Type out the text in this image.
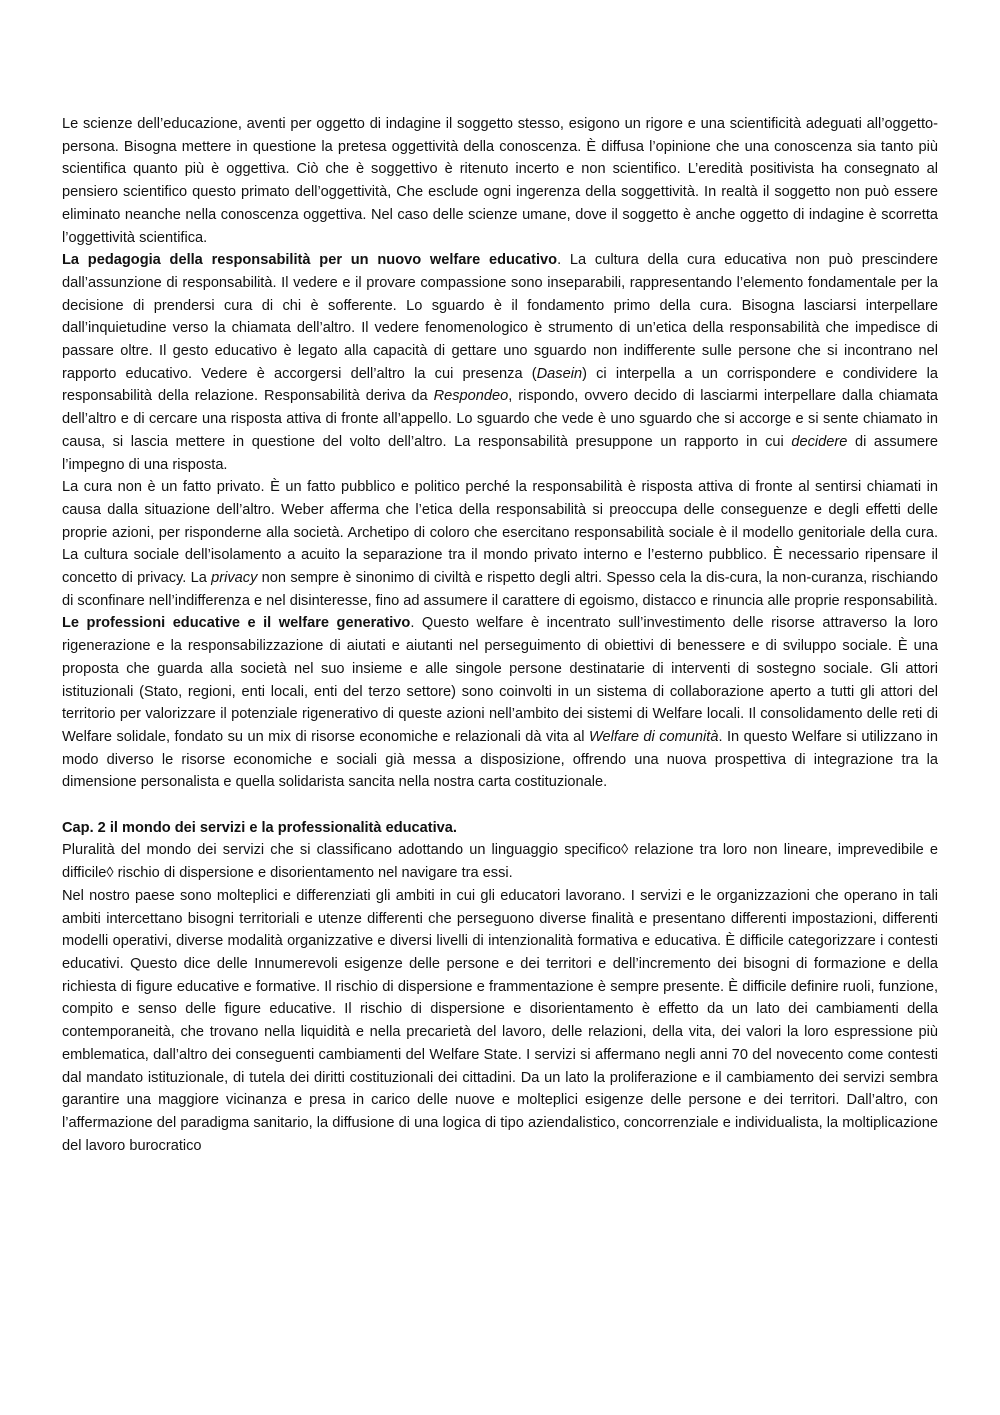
Le scienze dell’educazione, aventi per oggetto di indagine il soggetto stesso, esigono un rigore e una scientificità adeguati all’oggetto-persona. Bisogna mettere in questione la pretesa oggettività della conoscenza. È diffusa l’opinione che una conoscenza sia tanto più scientifica quanto più è oggettiva. Ciò che è soggettivo è ritenuto incerto e non scientifico. L’eredità positivista ha consegnato al pensiero scientifico questo primato dell’oggettività, Che esclude ogni ingerenza della soggettività. In realtà il soggetto non può essere eliminato neanche nella conoscenza oggettiva. Nel caso delle scienze umane, dove il soggetto è anche oggetto di indagine è scorretta l’oggettività scientifica.

La pedagogia della responsabilità per un nuovo welfare educativo. La cultura della cura educativa non può prescindere dall’assunzione di responsabilità. Il vedere e il provare compassione sono inseparabili, rappresentando l’elemento fondamentale per la decisione di prendersi cura di chi è sofferente. Lo sguardo è il fondamento primo della cura. Bisogna lasciarsi interpellare dall’inquietudine verso la chiamata dell’altro. Il vedere fenomenologico è strumento di un’etica della responsabilità che impedisce di passare oltre. Il gesto educativo è legato alla capacità di gettare uno sguardo non indifferente sulle persone che si incontrano nel rapporto educativo. Vedere è accorgersi dell’altro la cui presenza (Dasein) ci interpella a un corrispondere e condividere la responsabilità della relazione. Responsabilità deriva da Respondeo, rispondo, ovvero decido di lasciarmi interpellare dalla chiamata dell’altro e di cercare una risposta attiva di fronte all’appello. Lo sguardo che vede è uno sguardo che si accorge e si sente chiamato in causa, si lascia mettere in questione del volto dell’altro. La responsabilità presuppone un rapporto in cui decidere di assumere l’impegno di una risposta.

La cura non è un fatto privato. È un fatto pubblico e politico perché la responsabilità è risposta attiva di fronte al sentirsi chiamati in causa dalla situazione dell’altro. Weber afferma che l’etica della responsabilità si preoccupa delle conseguenze e degli effetti delle proprie azioni, per risponderne alla società. Archetipo di coloro che esercitano responsabilità sociale è il modello genitoriale della cura. La cultura sociale dell’isolamento a acuito la separazione tra il mondo privato interno e l’esterno pubblico. È necessario ripensare il concetto di privacy. La privacy non sempre è sinonimo di civiltà e rispetto degli altri. Spesso cela la dis-cura, la non-curanza, rischiando di sconfinare nell’indifferenza e nel disinteresse, fino ad assumere il carattere di egoismo, distacco e rinuncia alle proprie responsabilità.

Le professioni educative e il welfare generativo. Questo welfare è incentrato sull’investimento delle risorse attraverso la loro rigenerazione e la responsabilizzazione di aiutati e aiutanti nel perseguimento di obiettivi di benessere e di sviluppo sociale. È una proposta che guarda alla società nel suo insieme e alle singole persone destinatarie di interventi di sostegno sociale. Gli attori istituzionali (Stato, regioni, enti locali, enti del terzo settore) sono coinvolti in un sistema di collaborazione aperto a tutti gli attori del territorio per valorizzare il potenziale rigenerativo di queste azioni nell’ambito dei sistemi di Welfare locali. Il consolidamento delle reti di Welfare solidale, fondato su un mix di risorse economiche e relazionali dà vita al Welfare di comunità. In questo Welfare si utilizzano in modo diverso le risorse economiche e sociali già messa a disposizione, offrendo una nuova prospettiva di integrazione tra la dimensione personalista e quella solidarista sancita nella nostra carta costituzionale.

Cap. 2 il mondo dei servizi e la professionalità educativa.

Pluralità del mondo dei servizi che si classificano adottando un linguaggio specifico◊ relazione tra loro non lineare, imprevedibile e difficile◊ rischio di dispersione e disorientamento nel navigare tra essi.

Nel nostro paese sono molteplici e differenziati gli ambiti in cui gli educatori lavorano. I servizi e le organizzazioni che operano in tali ambiti intercettano bisogni territoriali e utenze differenti che perseguono diverse finalità e presentano differenti impostazioni, differenti modelli operativi, diverse modalità organizzative e diversi livelli di intenzionalità formativa e educativa. È difficile categorizzare i contesti educativi. Questo dice delle Innumerevoli esigenze delle persone e dei territori e dell’incremento dei bisogni di formazione e della richiesta di figure educative e formative. Il rischio di dispersione e frammentazione è sempre presente. È difficile definire ruoli, funzione, compito e senso delle figure educative. Il rischio di dispersione e disorientamento è effetto da un lato dei cambiamenti della contemporaneità, che trovano nella liquidità e nella precarietà del lavoro, delle relazioni, della vita, dei valori la loro espressione più emblematica, dall’altro dei conseguenti cambiamenti del Welfare State. I servizi si affermano negli anni 70 del novecento come contesti dal mandato istituzionale, di tutela dei diritti costituzionali dei cittadini. Da un lato la proliferazione e il cambiamento dei servizi sembra garantire una maggiore vicinanza e presa in carico delle nuove e molteplici esigenze delle persone e dei territori. Dall’altro, con l’affermazione del paradigma sanitario, la diffusione di una logica di tipo aziendalistico, concorrenziale e individualista, la moltiplicazione del lavoro burocratico
